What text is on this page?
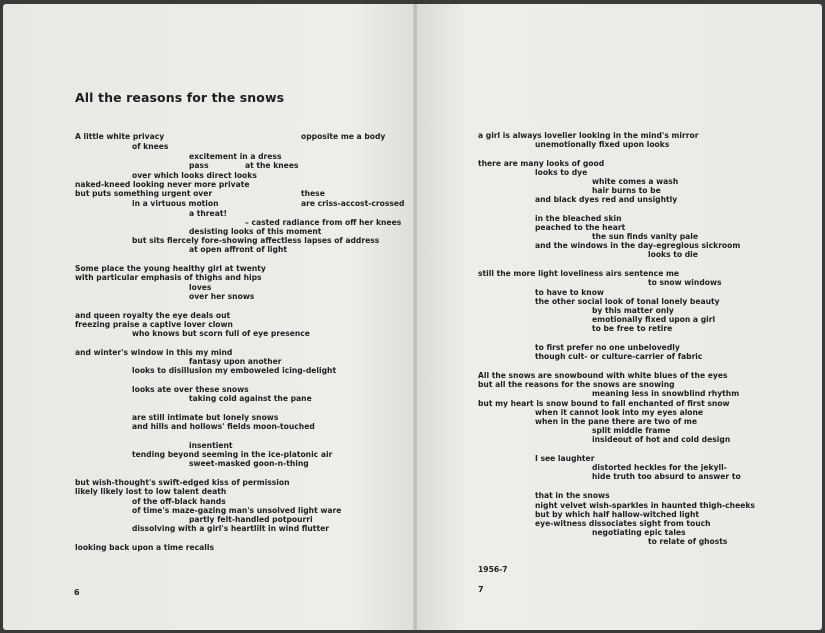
All the reasons for the snows
A little white privacy	opposite me a body
of knees
excitement in a dress
pass	at the knees
over which looks direct looks
naked-kneed looking never more private
but puts something urgent over	these
in a virtuous motion	are criss-accost-crossed
a threat!
– casted radiance from off her knees
desisting looks of this moment
but sits fiercely fore-showing affectless lapses of address
at open affront of light
Some place the young healthy girl at twenty
with particular emphasis of thighs and hips
loves
over her snows
and queen royalty the eye deals out
freezing praise a captive lover clown
who knows but scorn full of eye presence
and winter's window in this my mind
fantasy upon another
looks to disillusion my emboweled icing-delight
looks ate over these snows
taking cold against the pane
are still intimate but lonely snows
and hills and hollows' fields moon-touched
insentient
tending beyond seeming in the ice-platonic air
sweet-masked goon-n-thing
but wish-thought's swift-edged kiss of permission
likely likely lost to low talent death
of the off-black hands
of time's maze-gazing man's unsolved light ware
partly felt-handled potpourri
dissolving with a girl's heartlilt in wind flutter
looking back upon a time recalls
6
a girl is always lovelier looking in the mind's mirror
unemotionally fixed upon looks
there are many looks of good
looks to dye
white comes a wash
hair burns to be
and black dyes red and unsightly
in the bleached skin
peached to the heart
the sun finds vanity pale
and the windows in the day-egregious sickroom
looks to die
still the more light loveliness airs sentence me
to snow windows
to have to know
the other social look of tonal lonely beauty
by this matter only
emotionally fixed upon a girl
to be free to retire
to first prefer no one unbelovedly
though cult- or culture-carrier of fabric
All the snows are snowbound with white blues of the eyes
but all the reasons for the snows are snowing
meaning less in snowblind rhythm
but my heart is snow bound to fall enchanted of first snow
when it cannot look into my eyes alone
when in the pane there are two of me
split middle frame
insideout of hot and cold design
I see laughter
distorted heckles for the jekyll-
hide truth too absurd to answer to
that in the snows
night velvet wish-sparkles in haunted thigh-cheeks
but by which half hallow-witched light
eye-witness dissociates sight from touch
negotiating epic tales
to relate of ghosts
1956-7
7
